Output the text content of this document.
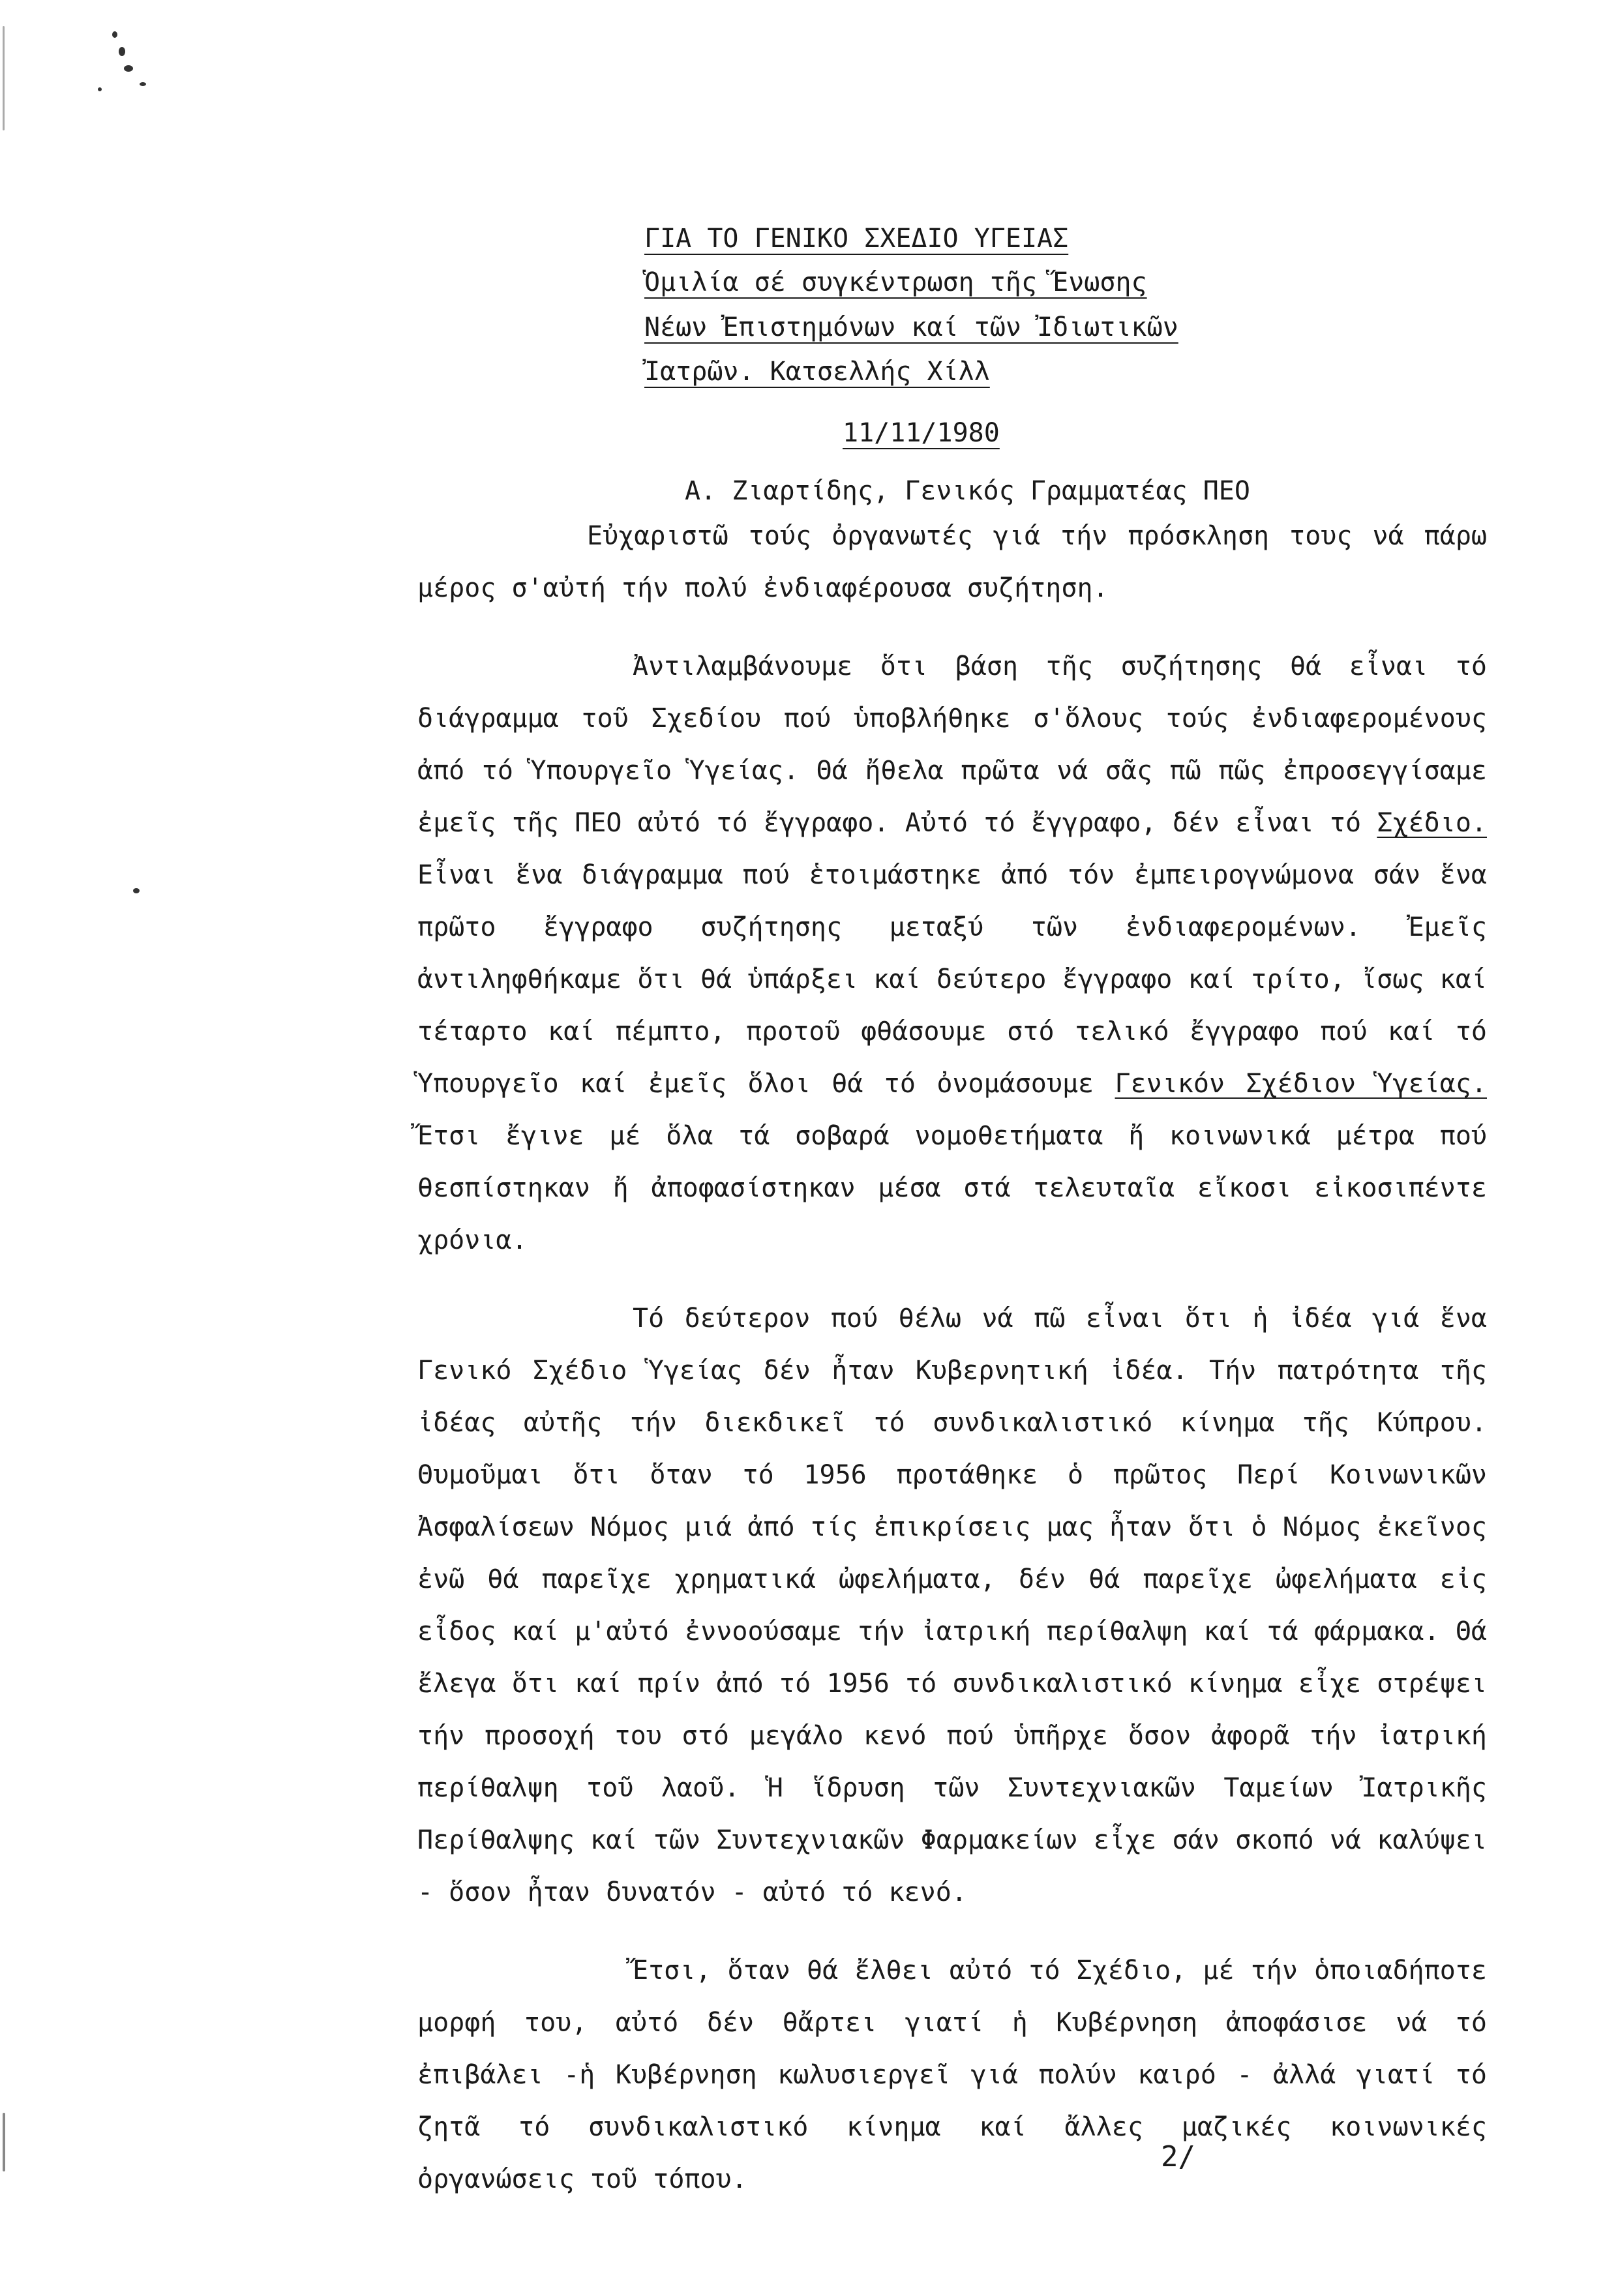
ΓΙΑ ΤΟ ΓΕΝΙΚΟ ΣΧΕΔΙΟ ΥΓΕΙΑΣ
Ὁμιλία σέ συγκέντρωση τῆς Ἕνωσης
Νέων Ἐπιστημόνων καί τῶν Ἰδιωτικῶν
Ἰατρῶν. Κατσελλής Χίλλ
11/11/1980
Α. Ζιαρτίδης, Γενικός Γραμματέας ΠΕΟ

Εὐχαριστῶ τούς ὀργανωτές γιά τήν πρόσκληση τους νά πάρω μέρος σ'αὐτή τήν πολύ ἐνδιαφέρουσα συζήτηση.

Ἀντιλαμβάνουμε ὅτι βάση τῆς συζήτησης θά εἶναι τό διάγραμμα τοῦ Σχεδίου πού ὑποβλήθηκε σ'ὅλους τούς ἐνδιαφερομένους ἀπό τό Ὑπουργεῖο Ὑγείας. Θά ἤθελα πρῶτα νά σᾶς πῶ πῶς ἐπροσεγγίσαμε ἐμεῖς τῆς ΠΕΟ αὐτό τό ἔγγραφο. Αὐτό τό ἔγγραφο, δέν εἶναι τό Σχέδιο. Εἶναι ἕνα διάγραμμα πού ἑτοιμάστηκε ἀπό τόν ἐμπειρογνώμονα σάν ἕνα πρῶτο ἔγγραφο συζήτησης μεταξύ τῶν ἐνδιαφερομένων. Ἐμεῖς ἀντιληφθήκαμε ὅτι θά ὑπάρξει καί δεύτερο ἔγγραφο καί τρίτο, ἴσως καί τέταρτο καί πέμπτο, προτοῦ φθάσουμε στό τελικό ἔγγραφο πού καί τό Ὑπουργεῖο καί ἐμεῖς ὅλοι θά τό ὀνομάσουμε Γενικόν Σχέδιον Ὑγείας. Ἔτσι ἔγινε μέ ὅλα τά σοβαρά νομοθετήματα ἤ κοινωνικά μέτρα πού θεσπίστηκαν ἤ ἀποφασίστηκαν μέσα στά τελευταῖα εἴκοσι εἰκοσιπέντε χρόνια.

Τό δεύτερον πού θέλω νά πῶ εἶναι ὅτι ἡ ἰδέα γιά ἕνα Γενικό Σχέδιο Ὑγείας δέν ἦταν Κυβερνητική ἰδέα. Τήν πατρότητα τῆς ἰδέας αὐτῆς τήν διεκδικεῖ τό συνδικαλιστικό κίνημα τῆς Κύπρου. Θυμοῦμαι ὅτι ὅταν τό 1956 προτάθηκε ὁ πρῶτος Περί Κοινωνικῶν Ἀσφαλίσεων Νόμος μιά ἀπό τίς ἐπικρίσεις μας ἦταν ὅτι ὁ Νόμος ἐκεῖνος ἐνῶ θά παρεῖχε χρηματικά ὠφελήματα, δέν θά παρεῖχε ὠφελήματα εἰς εἶδος καί μ'αὐτό ἐννοούσαμε τήν ἰατρική περίθαλψη καί τά φάρμακα. Θά ἔλεγα ὅτι καί πρίν ἀπό τό 1956 τό συνδικαλιστικό κίνημα εἶχε στρέψει τήν προσοχή του στό μεγάλο κενό πού ὑπῆρχε ὅσον ἀφορᾶ τήν ἰατρική περίθαλψη τοῦ λαοῦ. Ἡ ἵδρυση τῶν Συντεχνιακῶν Ταμείων Ἰατρικῆς Περίθαλψης καί τῶν Συντεχνιακῶν Φαρμακείων εἶχε σάν σκοπό νά καλύψει - ὅσον ἦταν δυνατόν - αὐτό τό κενό.

Ἔτσι, ὅταν θά ἔλθει αὐτό τό Σχέδιο, μέ τήν ὁποιαδήποτε μορφή του, αὐτό δέν θἄρτει γιατί ἡ Κυβέρνηση ἀποφάσισε νά τό ἐπιβάλει -ἡ Κυβέρνηση κωλυσιεργεῖ γιά πολύν καιρό - ἀλλά γιατί τό ζητᾶ τό συνδικαλιστικό κίνημα καί ἄλλες μαζικές κοινωνικές ὀργανώσεις τοῦ τόπου.

2/
